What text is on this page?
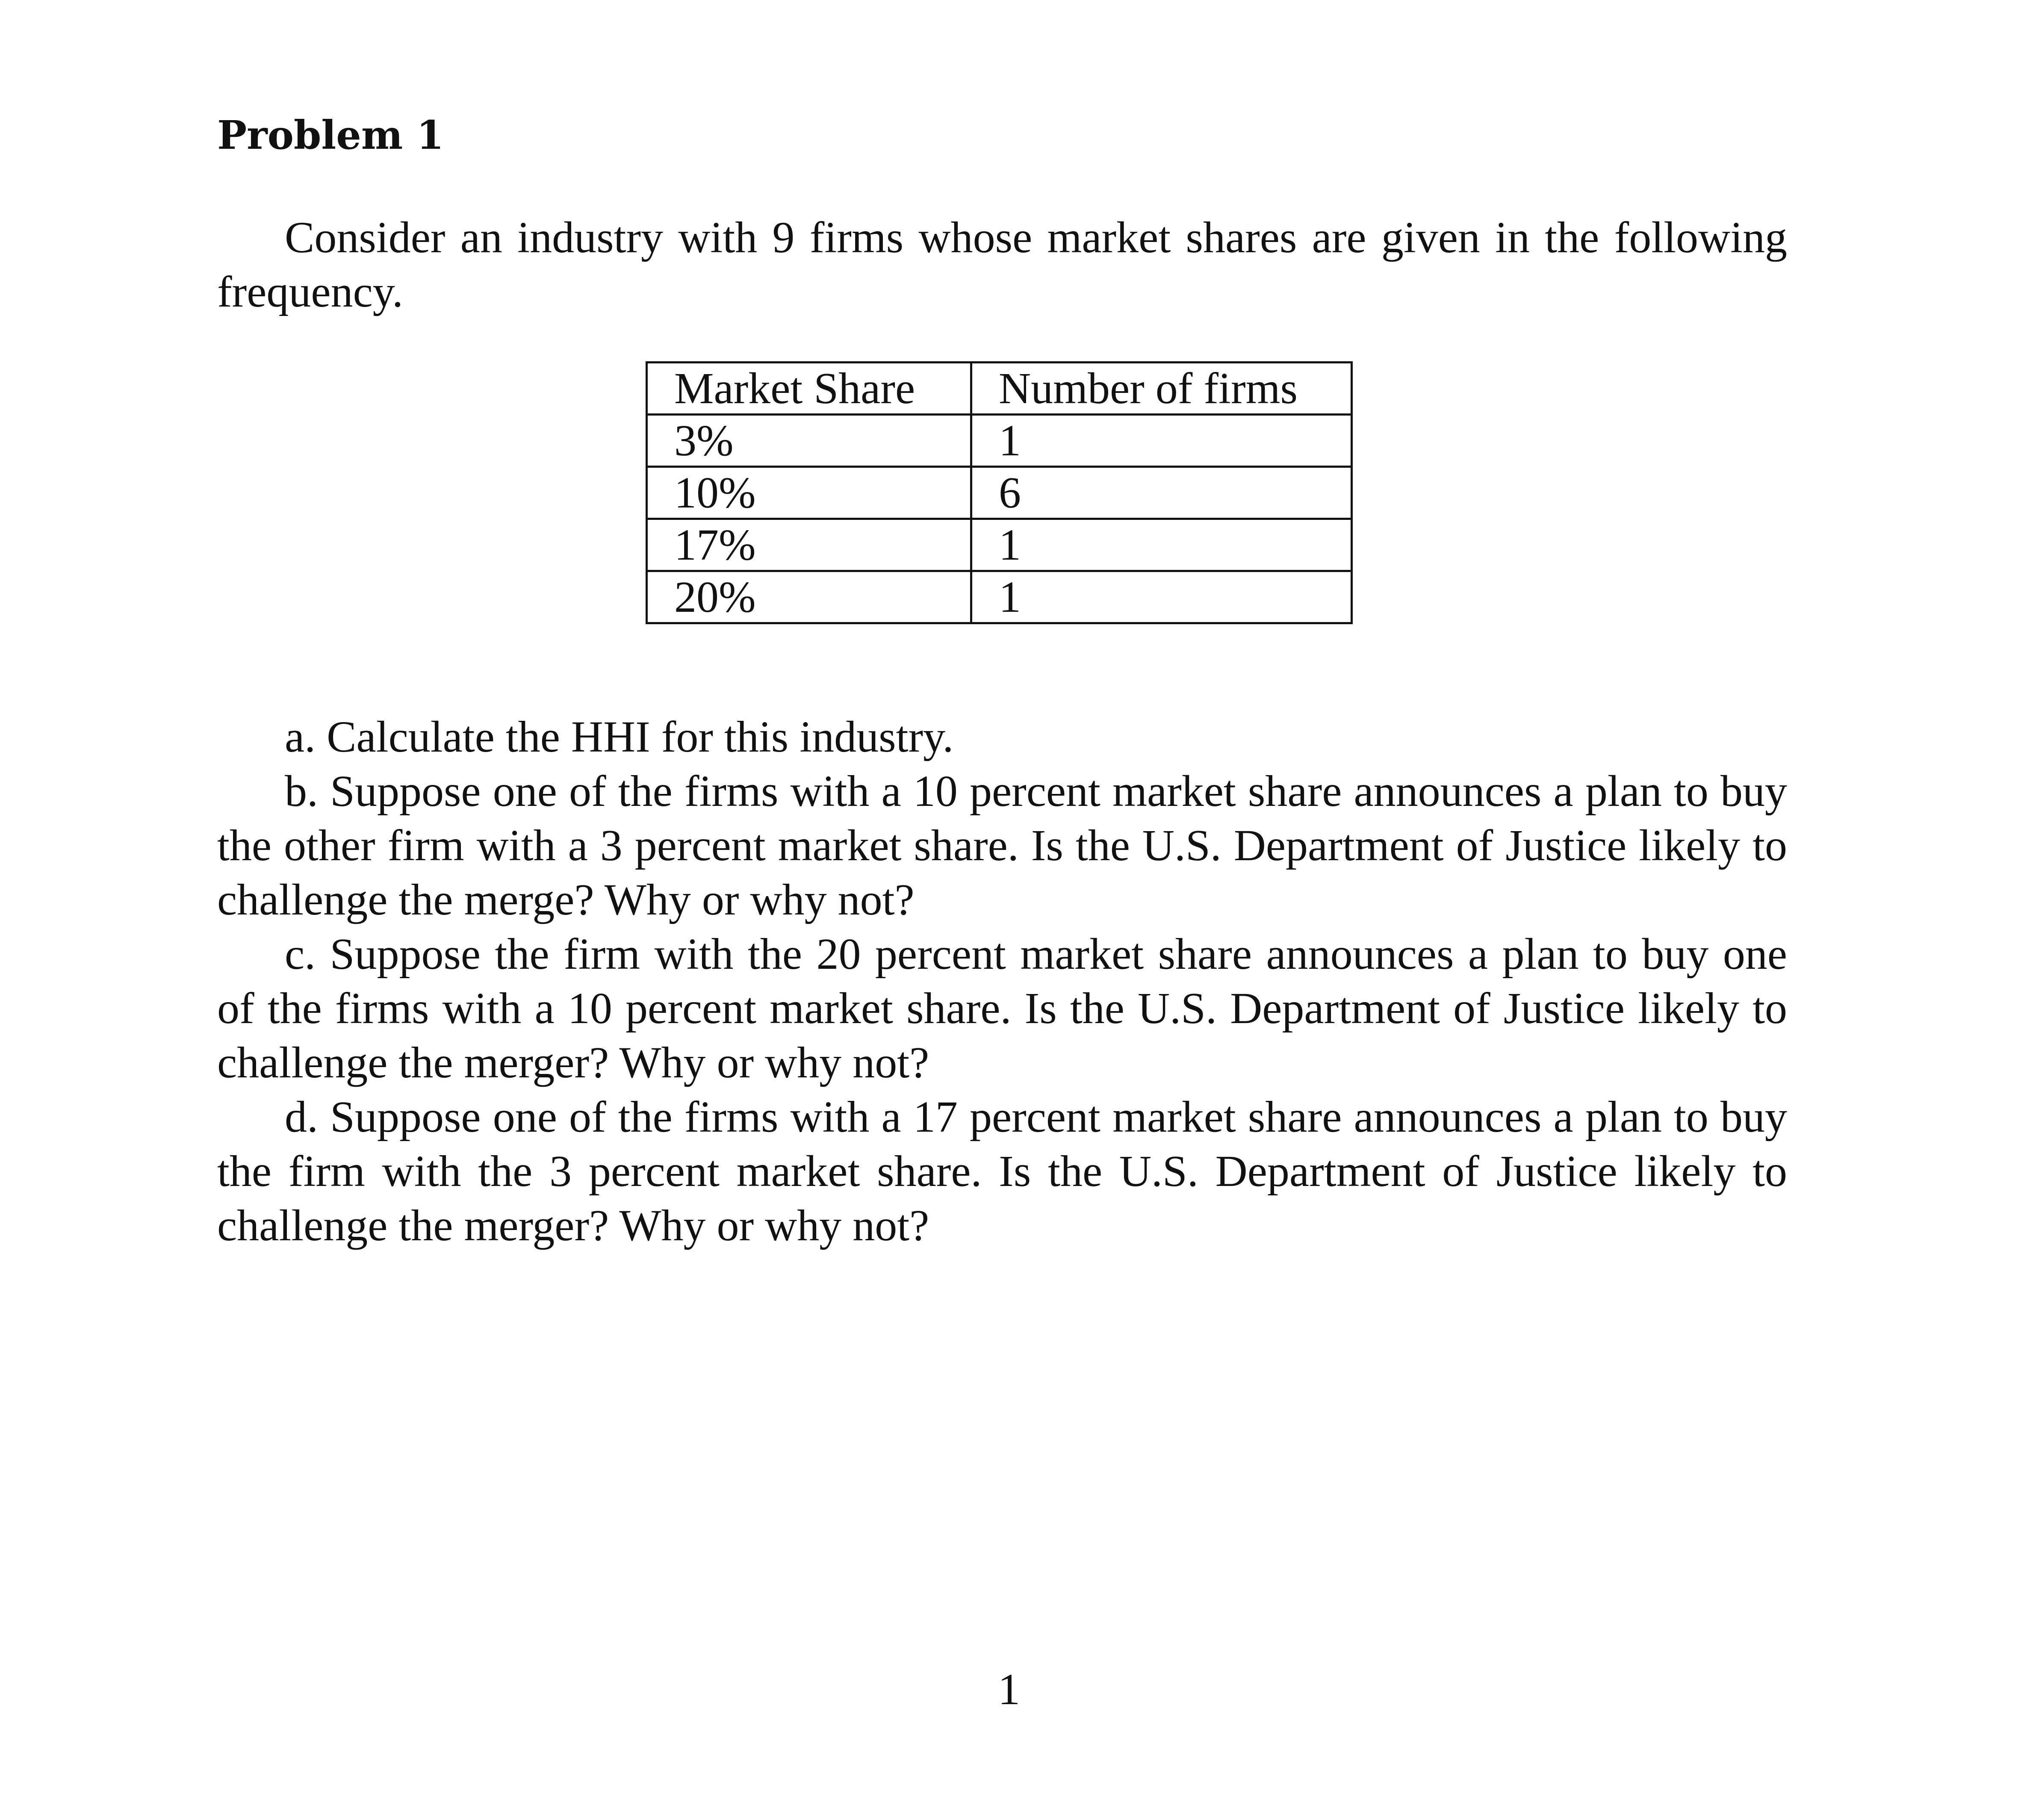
Problem 1

Consider an industry with 9 firms whose market shares are given in the following frequency.

Market Share	Number of firms
3%	1
10%	6
17%	1
20%	1

a. Calculate the HHI for this industry.

b. Suppose one of the firms with a 10 percent market share announces a plan to buy the other firm with a 3 percent market share. Is the U.S. Department of Justice likely to challenge the merge? Why or why not?

c. Suppose the firm with the 20 percent market share announces a plan to buy one of the firms with a 10 percent market share. Is the U.S. Department of Justice likely to challenge the merger? Why or why not?

d. Suppose one of the firms with a 17 percent market share announces a plan to buy the firm with the 3 percent market share. Is the U.S. Department of Justice likely to challenge the merger? Why or why not?

1
